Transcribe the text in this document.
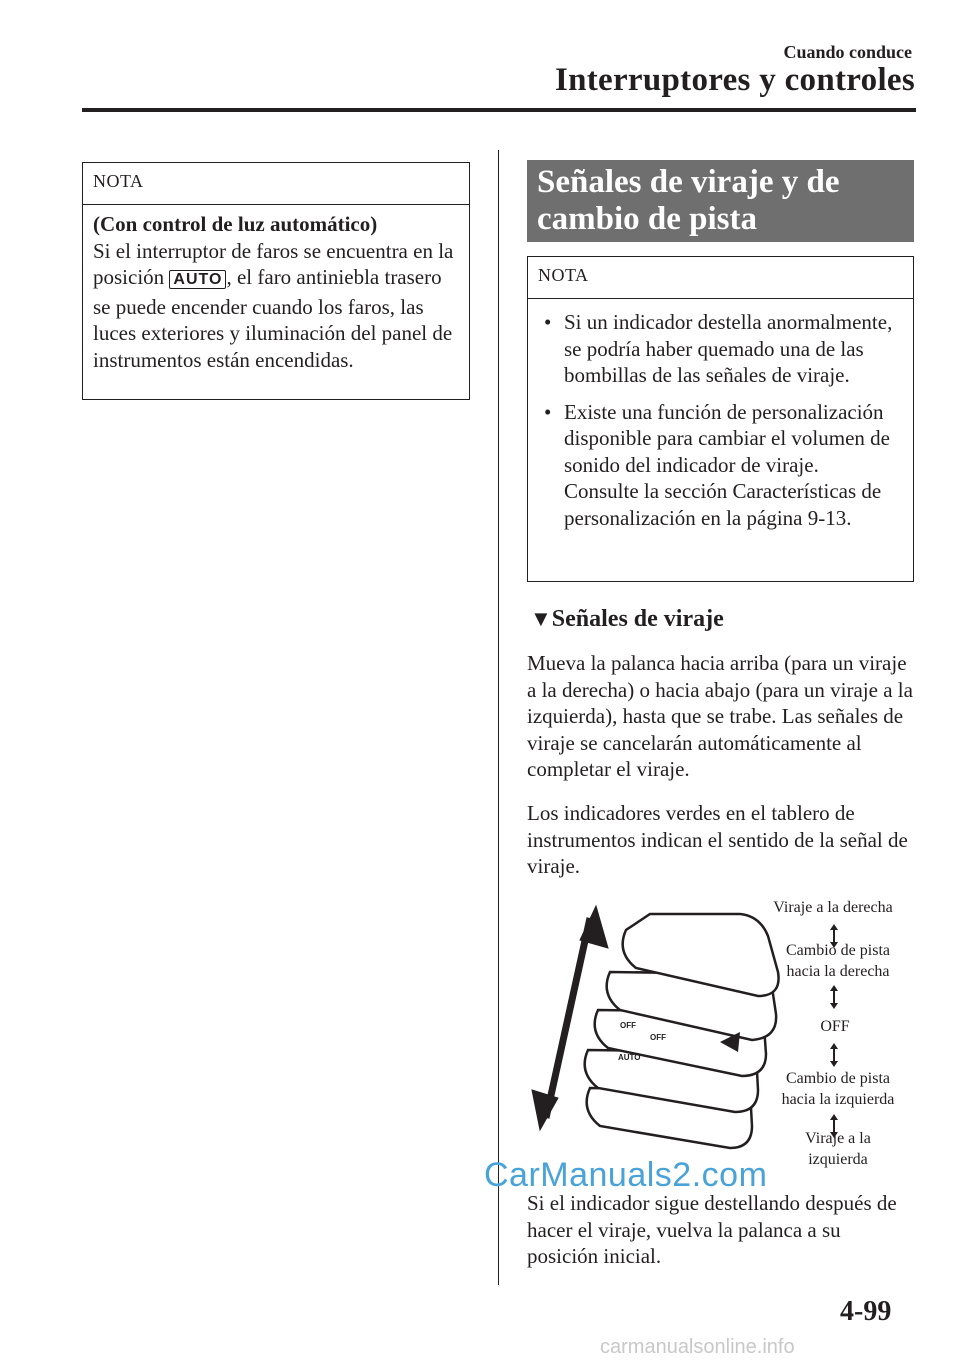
Cuando conduce
Interruptores y controles
NOTA
(Con control de luz automático)
Si el interruptor de faros se encuentra en la posición AUTO , el faro antiniebla trasero se puede encender cuando los faros, las luces exteriores y iluminación del panel de instrumentos están encendidas.
Señales de viraje y de
cambio de pista
NOTA
• Si un indicador destella anormalmente, se podría haber quemado una de las bombillas de las señales de viraje.
• Existe una función de personalización disponible para cambiar el volumen de sonido del indicador de viraje.
Consulte la sección Características de personalización en la página 9-13.
▼Señales de viraje
Mueva la palanca hacia arriba (para un viraje a la derecha) o hacia abajo (para un viraje a la izquierda), hasta que se trabe. Las señales de viraje se cancelarán automáticamente al completar el viraje.
Los indicadores verdes en el tablero de instrumentos indican el sentido de la señal de viraje.
OFF
OFF
AUTO
Viraje a la derecha
Cambio de pista
hacia la derecha
OFF
Cambio de pista
hacia la izquierda
Viraje a la
izquierda
CarManuals2.com
Si el indicador sigue destellando después de hacer el viraje, vuelva la palanca a su posición inicial.
4-99
carmanualsonline.info
